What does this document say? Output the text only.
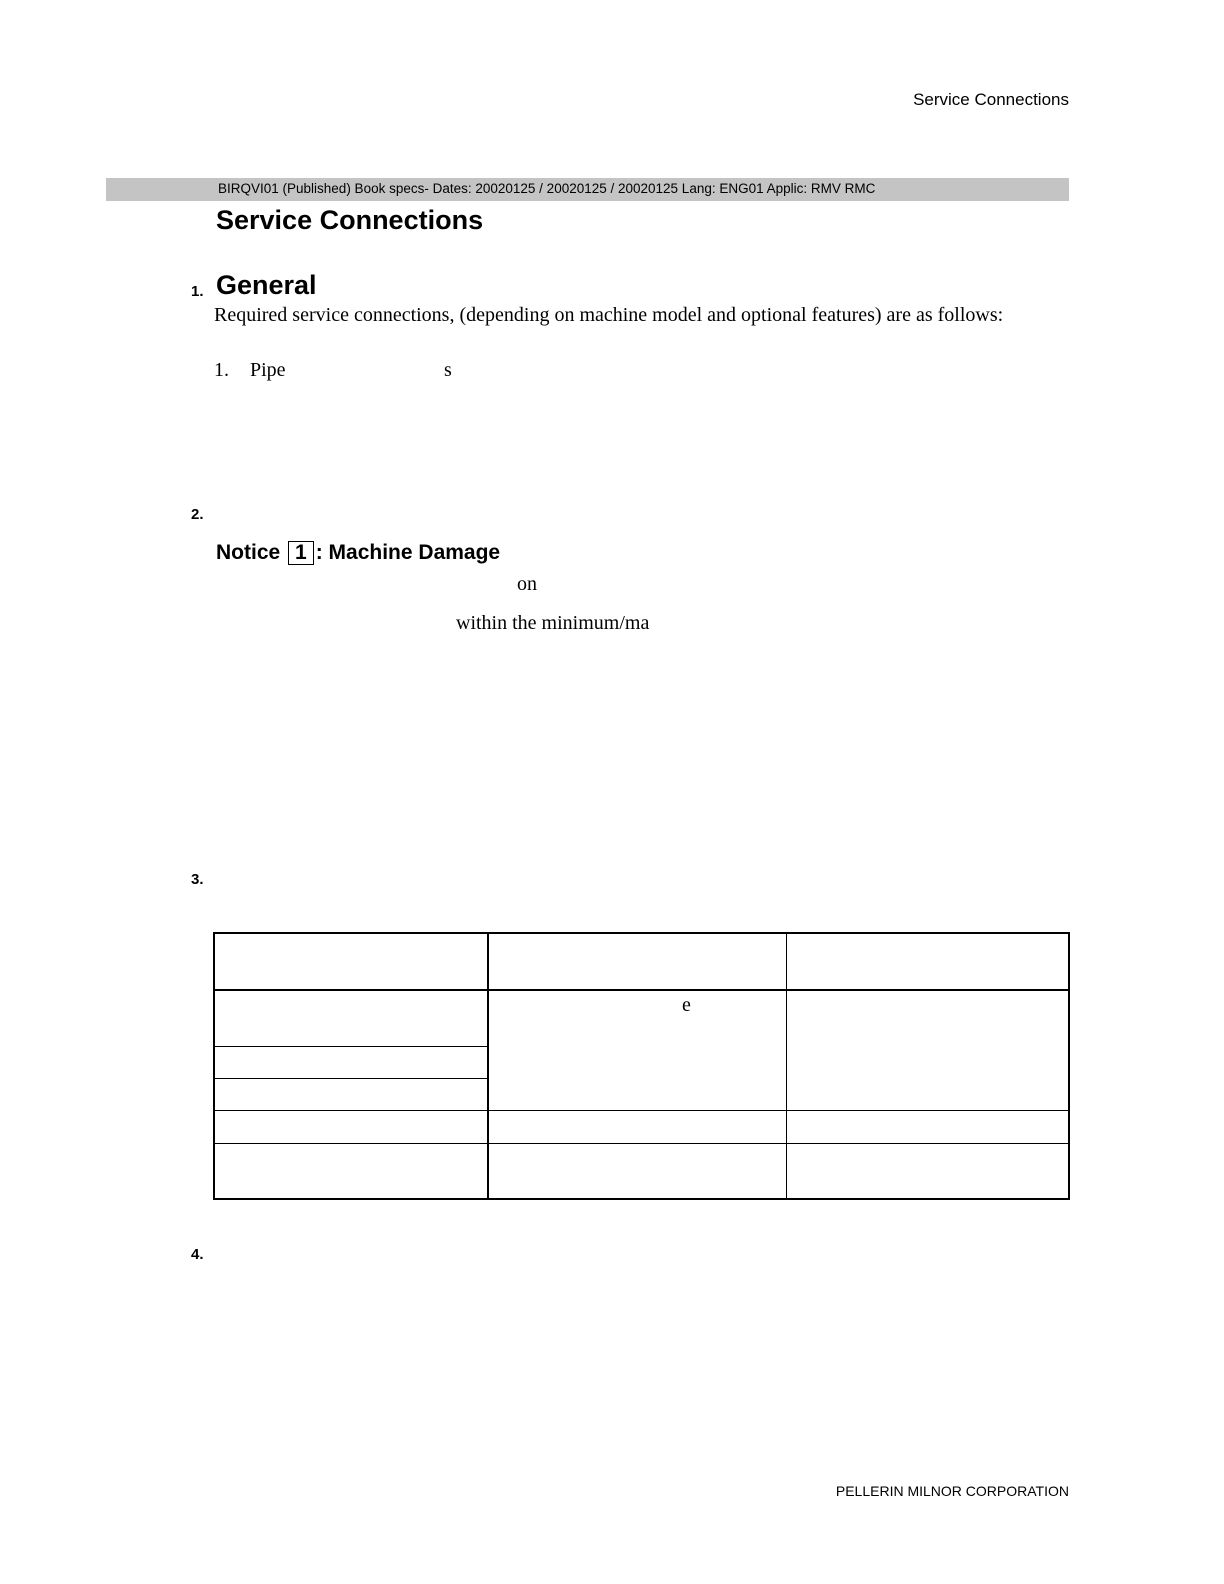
Service Connections
BIRQVI01 (Published) Book specs- Dates: 20020125 / 20020125 / 20020125 Lang: ENG01 Applic: RMV RMC
Service Connections
1. General
Required service connections, (depending on machine model and optional features) are as follows:
1. Pipe	s
2.
Notice 1 : Machine Damage
on
within the minimum/ma
3.
e
4.
PELLERIN MILNOR CORPORATION
